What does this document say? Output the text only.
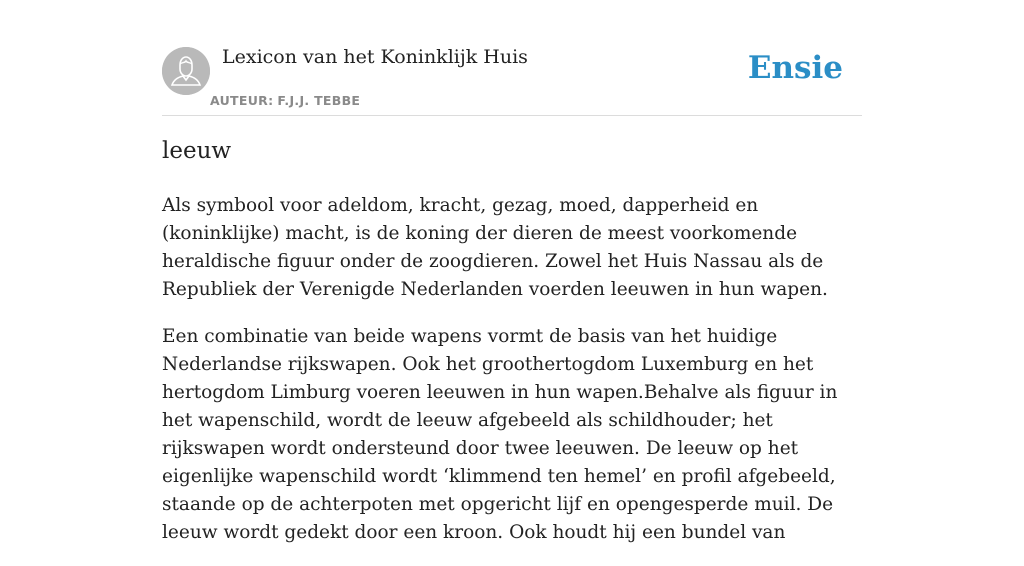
Lexicon van het Koninklijk Huis
AUTEUR: F.J.J. TEBBE
Ensie
leeuw

Als symbool voor adeldom, kracht, gezag, moed, dapperheid en (koninklijke) macht, is de koning der dieren de meest voorkomende heraldische figuur onder de zoogdieren. Zowel het Huis Nassau als de Republiek der Verenigde Nederlanden voerden leeuwen in hun wapen.

Een combinatie van beide wapens vormt de basis van het huidige Nederlandse rijkswapen. Ook het groothertogdom Luxemburg en het hertogdom Limburg voeren leeuwen in hun wapen.Behalve als figuur in het wapenschild, wordt de leeuw afgebeeld als schildhouder; het rijkswapen wordt ondersteund door twee leeuwen. De leeuw op het eigenlijke wapenschild wordt ‘klimmend ten hemel’ en profil afgebeeld, staande op de achterpoten met opgericht lijf en opengesperde muil. De leeuw wordt gedekt door een kroon. Ook houdt hij een bundel van
